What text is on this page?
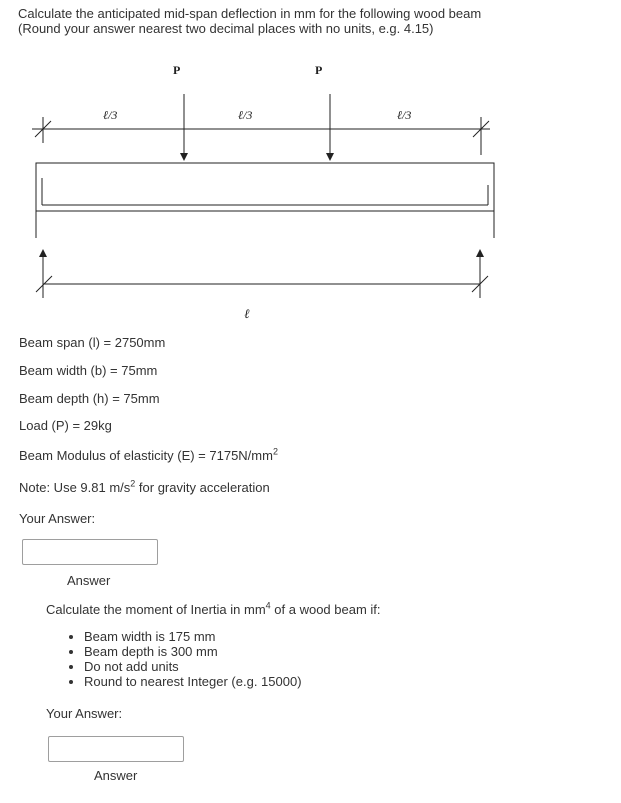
Calculate the anticipated mid-span deflection in mm for the following wood beam
(Round your answer nearest two decimal places with no units, e.g. 4.15)
P	P
ℓ/3	ℓ/3	ℓ/3
ℓ
Beam span (l) = 2750mm
Beam width (b) = 75mm
Beam depth (h) = 75mm
Load (P) = 29kg
Beam Modulus of elasticity $(E) = 7175N/mm^2$
Note: Use 9.81 $m/s^2$ for gravity acceleration
Your Answer:
Answer
Calculate the moment of Inertia in $mm^4$ of a wood beam if:
• Beam width is 175 mm
• Beam depth is 300 mm
• Do not add units
• Round to nearest Integer (e.g. 15000)
Your Answer:
Answer
